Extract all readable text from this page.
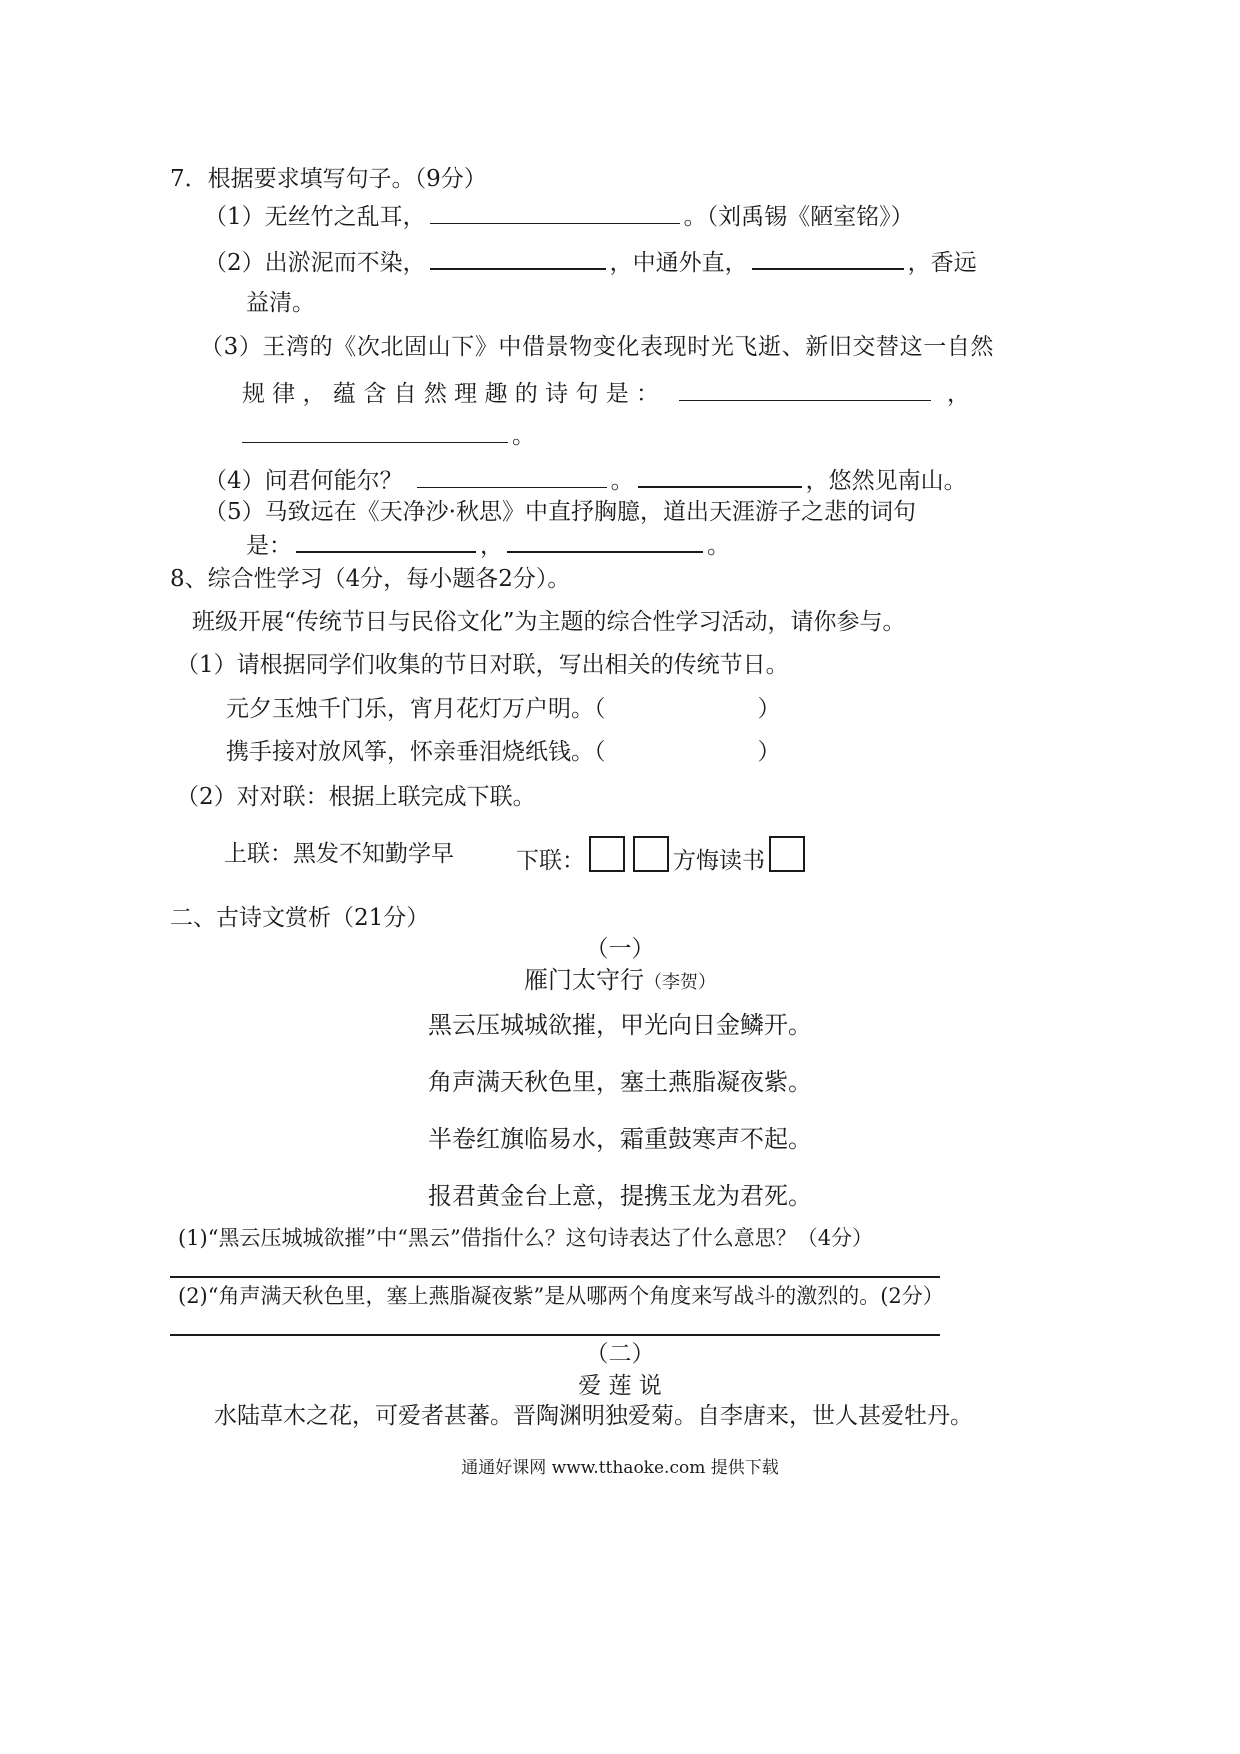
7．根据要求填写句子。（9分）
（1）无丝竹之乱耳，	。（刘禹锡《陋室铭》）
（2）出淤泥而不染，	，中通外直，	，香远
益清。
（3）王湾的《次北固山下》中借景物变化表现时光飞逝、新旧交替这一自然
规 律 ， 蕴 含 自 然 理 趣 的 诗 句 是 ：	，
。
（4）问君何能尔？	。	，悠然见南山。
（5）马致远在《天净沙·秋思》中直抒胸臆，道出天涯游子之悲的词句
是：	，	。
8、综合性学习（4分，每小题各2分）。
班级开展“传统节日与民俗文化”为主题的综合性学习活动，请你参与。
（1）请根据同学们收集的节日对联，写出相关的传统节日。
元夕玉烛千门乐，宵月花灯万户明。（	）
携手接对放风筝，怀亲垂泪烧纸钱。（	）
（2）对对联：根据上联完成下联。
上联：黑发不知勤学早	下联：	方悔读书
二、古诗文赏析（21分）
（一）
雁门太守行（李贺）
黑云压城城欲摧，甲光向日金鳞开。
角声满天秋色里，塞土燕脂凝夜紫。
半卷红旗临易水，霜重鼓寒声不起。
报君黄金台上意，提携玉龙为君死。
(1)“黑云压城城欲摧”中“黑云”借指什么？这句诗表达了什么意思？（4分）
(2)“角声满天秋色里，塞上燕脂凝夜紫”是从哪两个角度来写战斗的激烈的。(2分）
（二）
爱 莲 说
水陆草木之花，可爱者甚蕃。晋陶渊明独爱菊。自李唐来，世人甚爱牡丹。
通通好课网 www.tthaoke.com 提供下载
